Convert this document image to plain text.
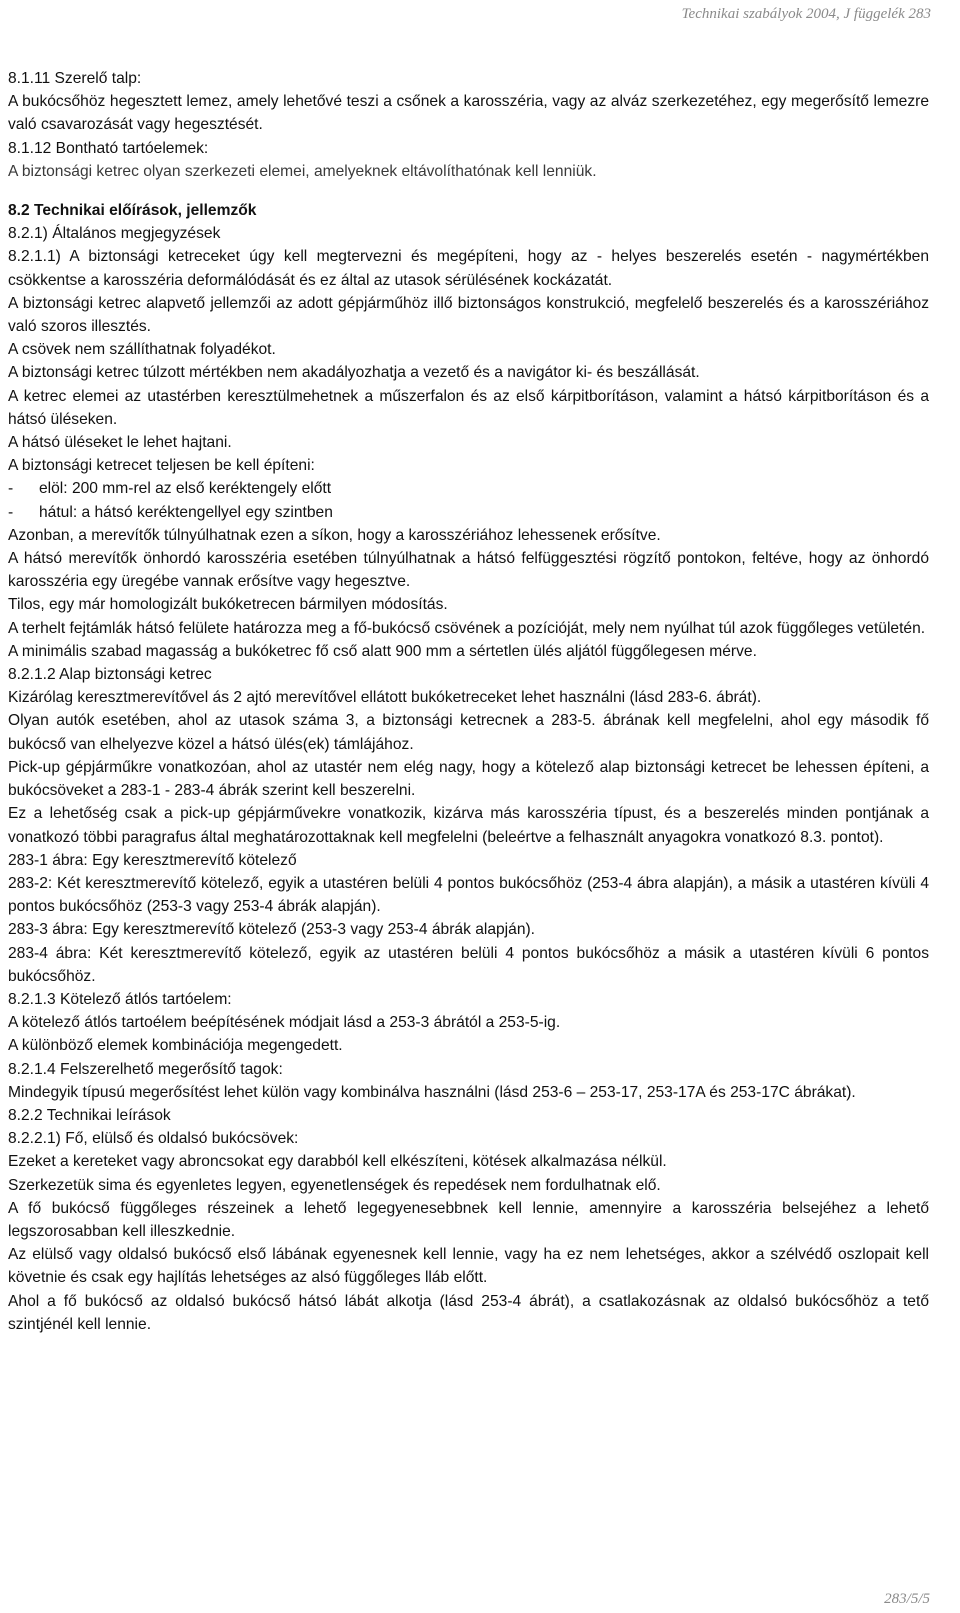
Technikai szabályok 2004, J függelék 283

8.1.11 Szerelő talp:

A bukócsőhöz hegesztett lemez, amely lehetővé teszi a csőnek a karosszéria, vagy az alváz szerkezetéhez, egy megerősítő lemezre való csavarozását vagy hegesztését.

8.1.12 Bontható tartóelemek:

A biztonsági ketrec olyan szerkezeti elemei, amelyeknek eltávolíthatónak kell lenniük.

8.2 Technikai előírások, jellemzők

8.2.1) Általános megjegyzések

8.2.1.1) A biztonsági ketreceket úgy kell megtervezni és megépíteni, hogy az - helyes beszerelés esetén - nagymértékben csökkentse a karosszéria deformálódását és ez által az utasok sérülésének kockázatát.

A biztonsági ketrec alapvető jellemzői az adott gépjárműhöz illő biztonságos konstrukció, megfelelő beszerelés és a karosszériához való szoros illesztés.

A csövek nem szállíthatnak folyadékot.

A biztonsági ketrec túlzott mértékben nem akadályozhatja a vezető és a navigátor ki- és beszállását.

A ketrec elemei az utastérben keresztülmehetnek a műszerfalon és az első kárpitborításon, valamint a hátsó kárpitborításon és a hátsó üléseken.

A hátsó üléseket le lehet hajtani.

A biztonsági ketrecet teljesen be kell építeni:

-	elöl: 200 mm-rel az első keréktengely előtt
-	hátul: a hátsó keréktengellyel egy szintben

Azonban, a merevítők túlnyúlhatnak ezen a síkon, hogy a karosszériához lehessenek erősítve.

A hátsó merevítők önhordó karosszéria esetében túlnyúlhatnak a hátsó felfüggesztési rögzítő pontokon, feltéve, hogy az önhordó karosszéria egy üregébe vannak erősítve vagy hegesztve.

Tilos, egy már homologizált bukóketrecen bármilyen módosítás.

A terhelt fejtámlák hátsó felülete határozza meg a fő-bukócső csövének a pozícióját, mely nem nyúlhat túl azok függőleges vetületén.

A minimális szabad magasság a bukóketrec fő cső alatt 900 mm a sértetlen ülés aljától függőlegesen mérve.

8.2.1.2 Alap biztonsági ketrec

Kizárólag keresztmerevítővel ás 2 ajtó merevítővel ellátott bukóketreceket lehet használni (lásd 283-6. ábrát).

Olyan autók esetében, ahol az utasok száma 3, a biztonsági ketrecnek a 283-5. ábrának kell megfelelni, ahol egy második fő bukócső van elhelyezve közel a hátsó ülés(ek) támlájához.

Pick-up gépjárműkre vonatkozóan, ahol az utastér nem elég nagy, hogy a kötelező alap biztonsági ketrecet be lehessen építeni, a bukócsöveket a 283-1 - 283-4 ábrák szerint kell beszerelni.

Ez a lehetőség csak a pick-up gépjárművekre vonatkozik, kizárva más karosszéria típust, és a beszerelés minden pontjának a vonatkozó többi paragrafus által meghatározottaknak kell megfelelni (beleértve a felhasznált anyagokra vonatkozó 8.3. pontot).

283-1 ábra: Egy keresztmerevítő kötelező

283-2: Két keresztmerevítő kötelező, egyik a utastéren belüli 4 pontos bukócsőhöz (253-4 ábra alapján), a másik a utastéren kívüli 4 pontos bukócsőhöz (253-3 vagy 253-4 ábrák alapján).

283-3 ábra: Egy keresztmerevítő kötelező (253-3 vagy 253-4 ábrák alapján).

283-4 ábra: Két keresztmerevítő kötelező, egyik az utastéren belüli 4 pontos bukócsőhöz a másik a utastéren kívüli 6 pontos bukócsőhöz.

8.2.1.3 Kötelező átlós tartóelem:

A kötelező átlós tartoélem beépítésének módjait lásd a 253-3 ábrától a 253-5-ig.

A különböző elemek kombinációja megengedett.

8.2.1.4 Felszerelhető megerősítő tagok:

Mindegyik típusú megerősítést lehet külön vagy kombinálva használni (lásd 253-6 – 253-17, 253-17A és 253-17C ábrákat).

8.2.2 Technikai leírások

8.2.2.1) Fő, elülső és oldalsó bukócsövek:

Ezeket a kereteket vagy abroncsokat egy darabból kell elkészíteni, kötések alkalmazása nélkül.

Szerkezetük sima és egyenletes legyen, egyenetlenségek és repedések nem fordulhatnak elő.

A fő bukócső függőleges részeinek a lehető legegyenesebbnek kell lennie, amennyire a karosszéria belsejéhez a lehető legszorosabban kell illeszkednie.

Az elülső vagy oldalsó bukócső első lábának egyenesnek kell lennie, vagy ha ez nem lehetséges, akkor a szélvédő oszlopait kell követnie és csak egy hajlítás lehetséges az alsó függőleges lláb előtt.

Ahol a fő bukócső az oldalsó bukócső hátsó lábát alkotja (lásd 253-4 ábrát), a csatlakozásnak az oldalsó bukócsőhöz a tető szintjénél kell lennie.

283/5/5
